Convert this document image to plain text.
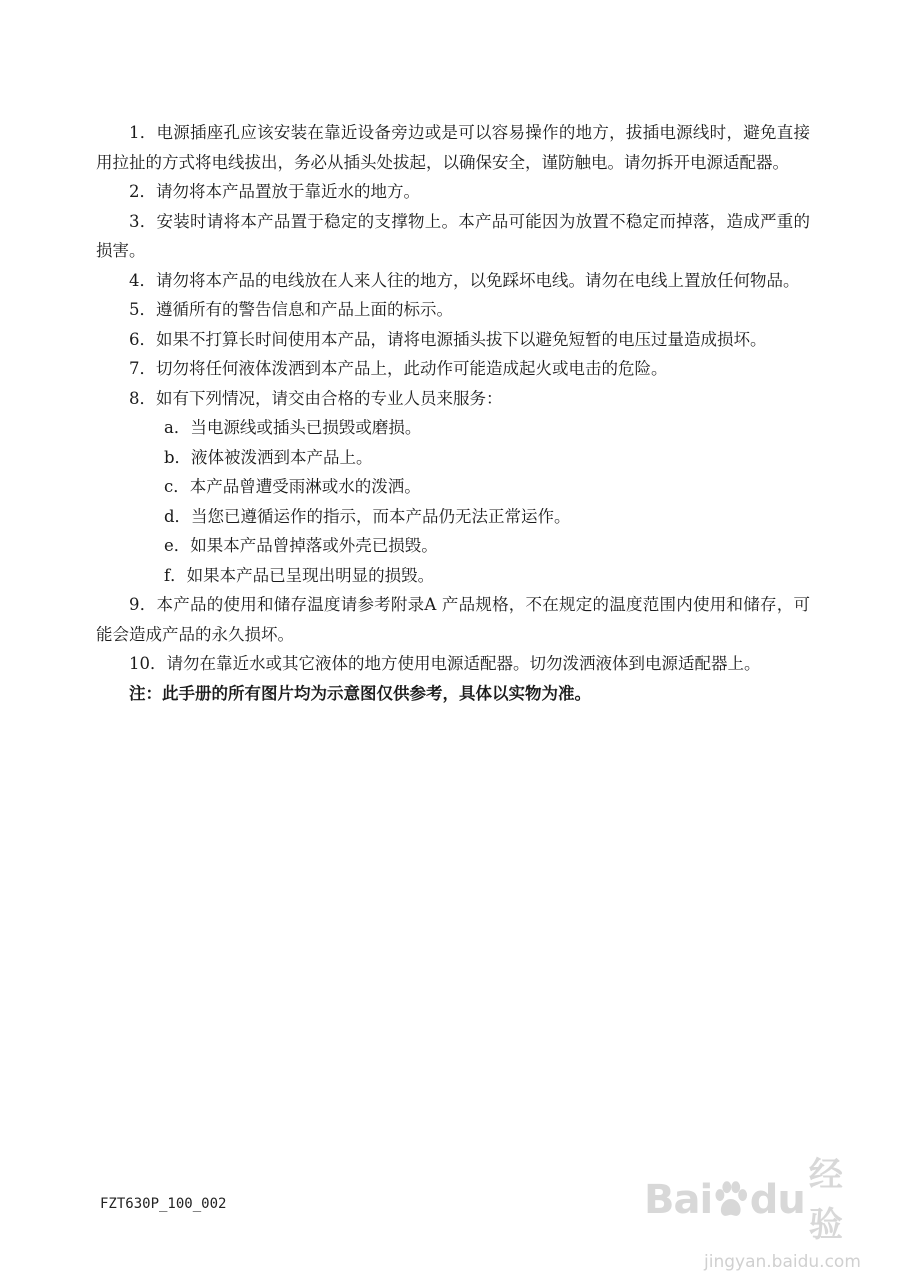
1．电源插座孔应该安装在靠近设备旁边或是可以容易操作的地方，拔插电源线时，避免直接用拉扯的方式将电线拔出，务必从插头处拔起，以确保安全，谨防触电。请勿拆开电源适配器。

2．请勿将本产品置放于靠近水的地方。

3．安装时请将本产品置于稳定的支撑物上。本产品可能因为放置不稳定而掉落，造成严重的损害。

4．请勿将本产品的电线放在人来人往的地方，以免踩坏电线。请勿在电线上置放任何物品。

5．遵循所有的警告信息和产品上面的标示。

6．如果不打算长时间使用本产品，请将电源插头拔下以避免短暂的电压过量造成损坏。

7．切勿将任何液体泼洒到本产品上，此动作可能造成起火或电击的危险。

8．如有下列情况，请交由合格的专业人员来服务：

a．当电源线或插头已损毁或磨损。

b．液体被泼洒到本产品上。

c．本产品曾遭受雨淋或水的泼洒。

d．当您已遵循运作的指示，而本产品仍无法正常运作。

e．如果本产品曾掉落或外壳已损毁。

f．如果本产品已呈现出明显的损毁。

9．本产品的使用和储存温度请参考附录A 产品规格，不在规定的温度范围内使用和储存，可能会造成产品的永久损坏。

10．请勿在靠近水或其它液体的地方使用电源适配器。切勿泼洒液体到电源适配器上。

注：此手册的所有图片均为示意图仅供参考，具体以实物为准。

FZT630P_100_002	Bai du
经验
jingyan.baidu.com
